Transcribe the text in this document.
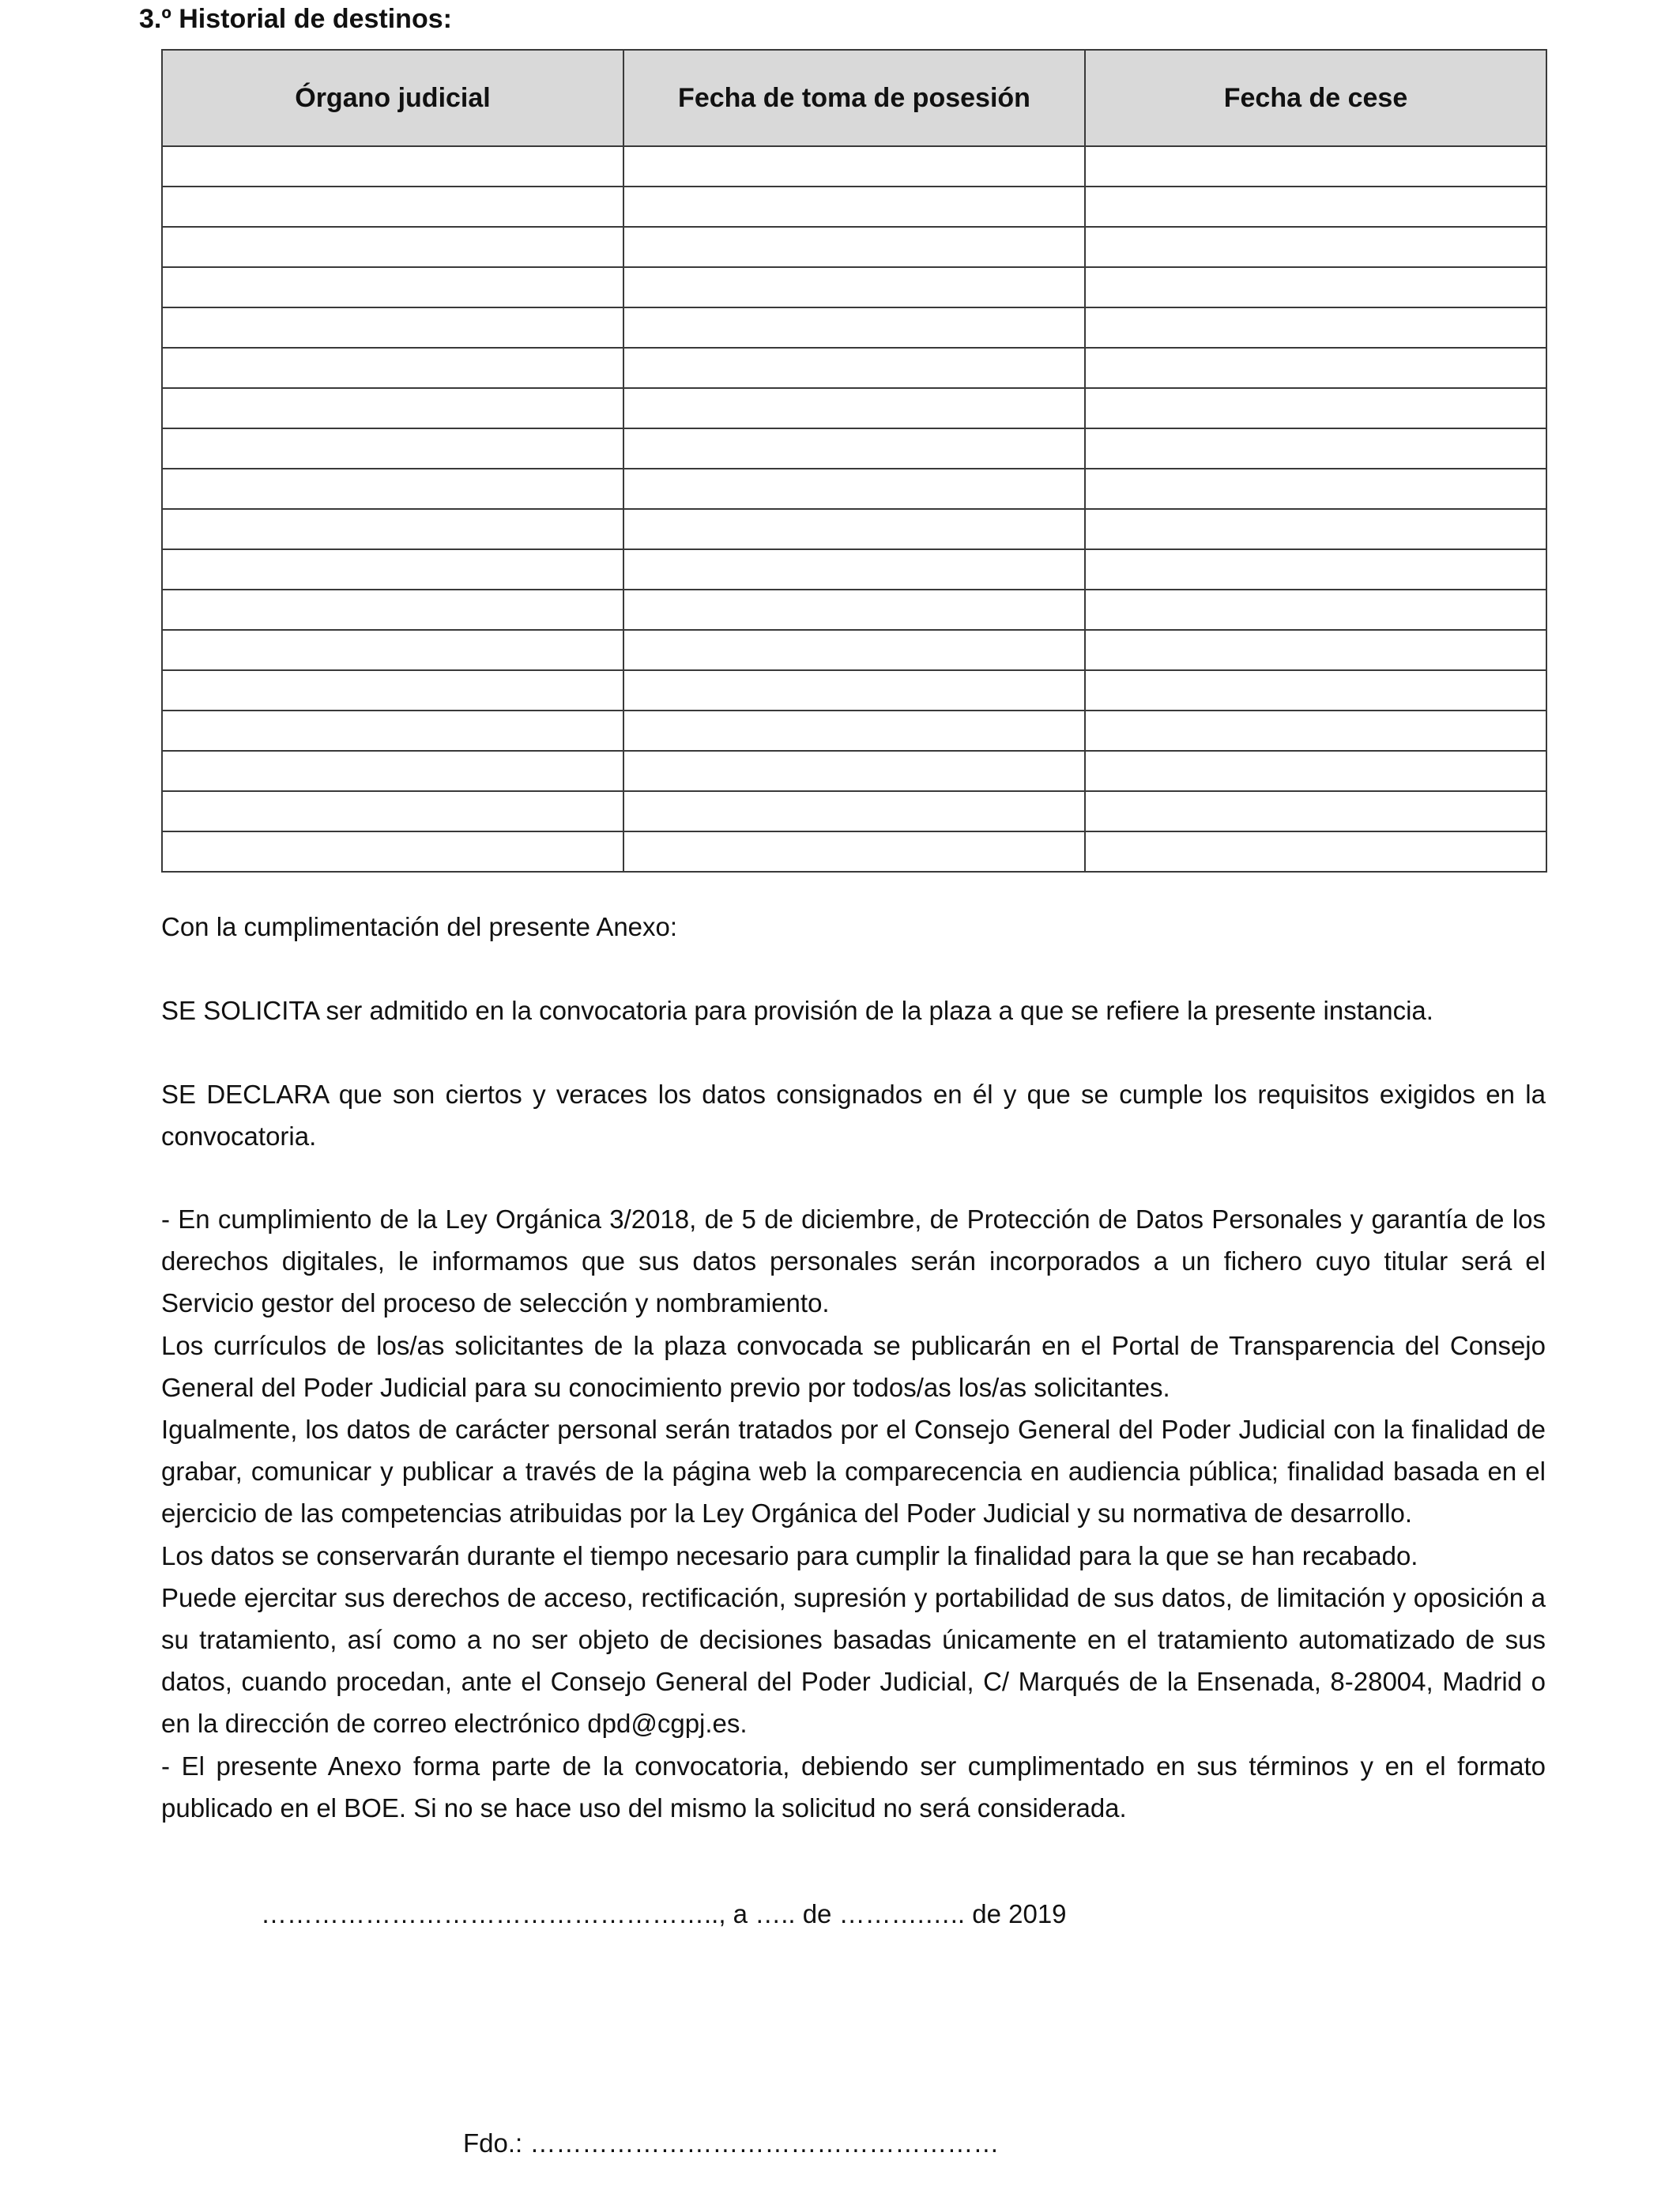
3.º Historial de destinos:
Órgano judicial	Fecha de toma de posesión	Fecha de cese

Con la cumplimentación del presente Anexo:

SE SOLICITA ser admitido en la convocatoria para provisión de la plaza a que se refiere la presente instancia.

SE DECLARA que son ciertos y veraces los datos consignados en él y que se cumple los requisitos exigidos en la convocatoria.

- En cumplimiento de la Ley Orgánica 3/2018, de 5 de diciembre, de Protección de Datos Personales y garantía de los derechos digitales, le informamos que sus datos personales serán incorporados a un fichero cuyo titular será el Servicio gestor del proceso de selección y nombramiento.

Los currículos de los/as solicitantes de la plaza convocada se publicarán en el Portal de Transparencia del Consejo General del Poder Judicial para su conocimiento previo por todos/as los/as solicitantes.

Igualmente, los datos de carácter personal serán tratados por el Consejo General del Poder Judicial con la finalidad de grabar, comunicar y publicar a través de la página web la comparecencia en audiencia pública; finalidad basada en el ejercicio de las competencias atribuidas por la Ley Orgánica del Poder Judicial y su normativa de desarrollo.

Los datos se conservarán durante el tiempo necesario para cumplir la finalidad para la que se han recabado.

Puede ejercitar sus derechos de acceso, rectificación, supresión y portabilidad de sus datos, de limitación y oposición a su tratamiento, así como a no ser objeto de decisiones basadas únicamente en el tratamiento automatizado de sus datos, cuando procedan, ante el Consejo General del Poder Judicial, C/ Marqués de la Ensenada, 8-28004, Madrid o en la dirección de correo electrónico dpd@cgpj.es.

- El presente Anexo forma parte de la convocatoria, debiendo ser cumplimentado en sus términos y en el formato publicado en el BOE. Si no se hace uso del mismo la solicitud no será considerada.

…………………………………………….., a ….. de ……….….. de 2019

Fdo.: ………………………………………………
